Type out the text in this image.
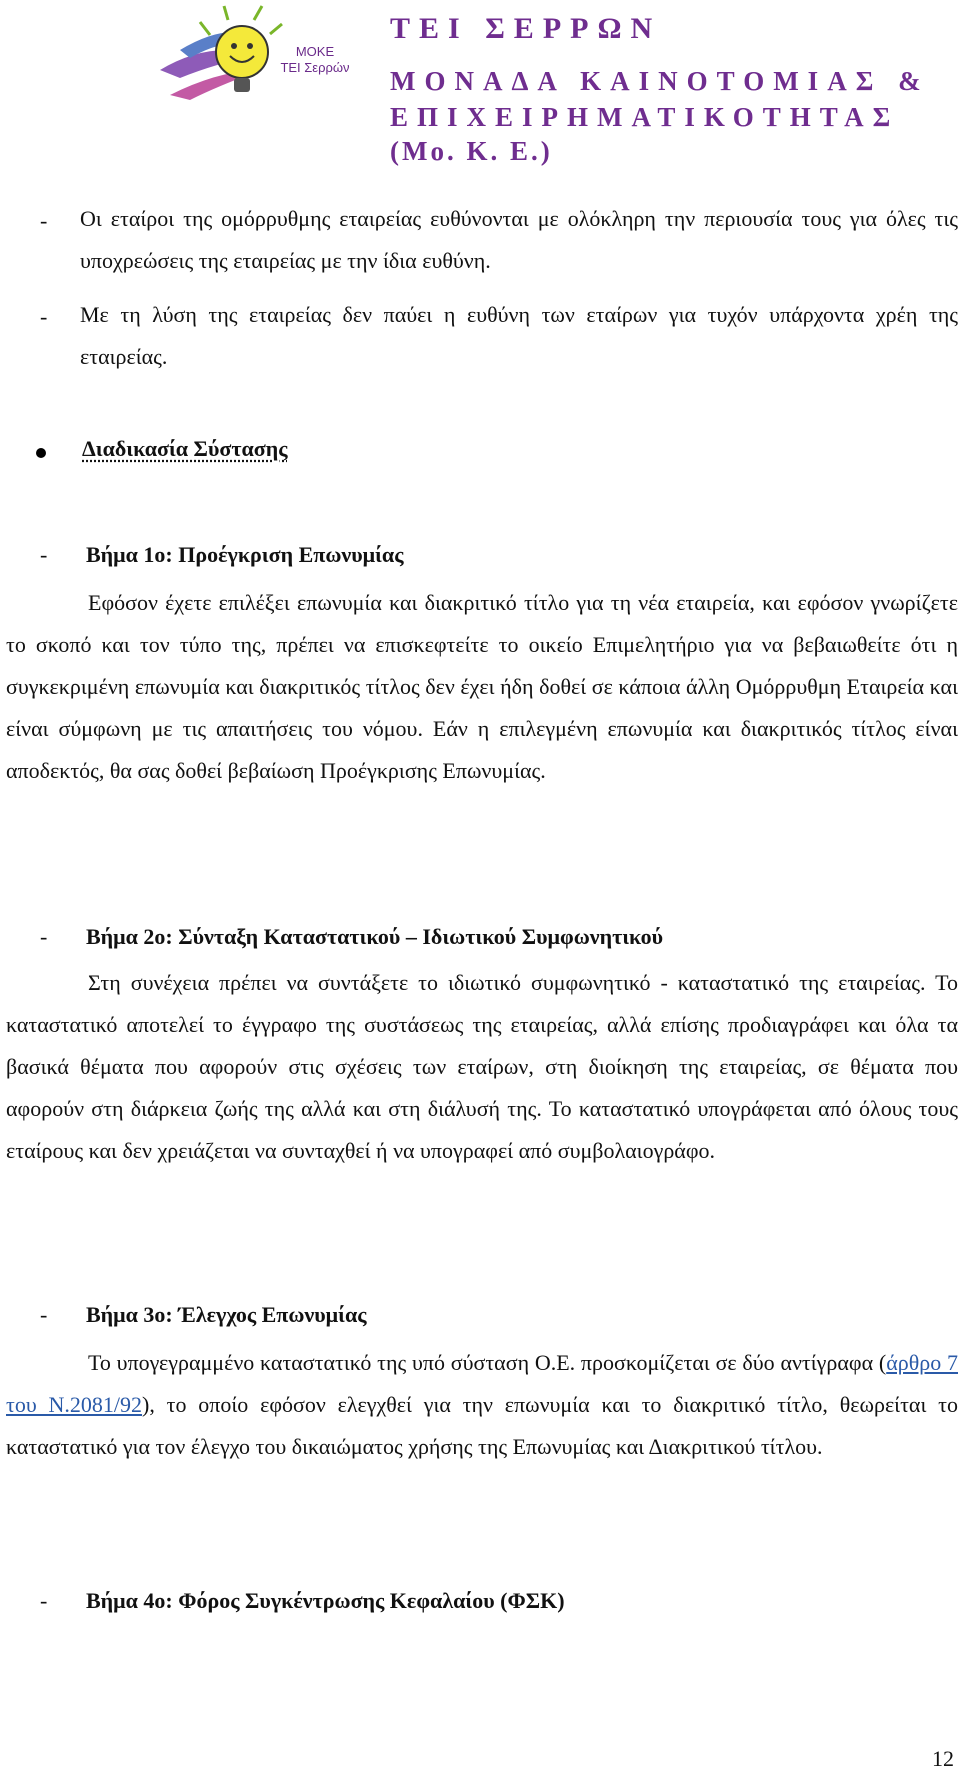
ΜΟΚΕ
ΤΕΙ Σερρών
ΤΕΙ ΣΕΡΡΩΝ
ΜΟΝΑΔΑ ΚΑΙΝΟΤΟΜΙΑΣ &
ΕΠΙΧΕΙΡΗΜΑΤΙΚΟΤΗΤΑΣ
(Μο. Κ. Ε.)
- Οι εταίροι της ομόρρυθμης εταιρείας ευθύνονται με ολόκληρη την περιουσία τους για όλες τις υποχρεώσεις της εταιρείας με την ίδια ευθύνη.
- Με τη λύση της εταιρείας δεν παύει η ευθύνη των εταίρων για τυχόν υπάρχοντα χρέη της εταιρείας.
Διαδικασία Σύστασης
- Βήμα 1ο: Προέγκριση Επωνυμίας
Εφόσον έχετε επιλέξει επωνυμία και διακριτικό τίτλο για τη νέα εταιρεία, και εφόσον γνωρίζετε το σκοπό και τον τύπο της, πρέπει να επισκεφτείτε το οικείο Επιμελητήριο για να βεβαιωθείτε ότι η συγκεκριμένη επωνυμία και διακριτικός τίτλος δεν έχει ήδη δοθεί σε κάποια άλλη Ομόρρυθμη Εταιρεία και είναι σύμφωνη με τις απαιτήσεις του νόμου. Εάν η επιλεγμένη επωνυμία και διακριτικός τίτλος είναι αποδεκτός, θα σας δοθεί βεβαίωση Προέγκρισης Επωνυμίας.
- Βήμα 2ο: Σύνταξη Καταστατικού – Ιδιωτικού Συμφωνητικού
Στη συνέχεια πρέπει να συντάξετε το ιδιωτικό συμφωνητικό - καταστατικό της εταιρείας. Το καταστατικό αποτελεί το έγγραφο της συστάσεως της εταιρείας, αλλά επίσης προδιαγράφει και όλα τα βασικά θέματα που αφορούν στις σχέσεις των εταίρων, στη διοίκηση της εταιρείας, σε θέματα που αφορούν στη διάρκεια ζωής της αλλά και στη διάλυσή της. Το καταστατικό υπογράφεται από όλους τους εταίρους και δεν χρειάζεται να συνταχθεί ή να υπογραφεί από συμβολαιογράφο.
- Βήμα 3ο: Έλεγχος Επωνυμίας
Το υπογεγραμμένο καταστατικό της υπό σύσταση Ο.Ε. προσκομίζεται σε δύο αντίγραφα (άρθρο 7 του Ν.2081/92), το οποίο εφόσον ελεγχθεί για την επωνυμία και το διακριτικό τίτλο, θεωρείται το καταστατικό για τον έλεγχο του δικαιώματος χρήσης της Επωνυμίας και Διακριτικού τίτλου.
- Βήμα 4ο: Φόρος Συγκέντρωσης Κεφαλαίου (ΦΣΚ)
12
